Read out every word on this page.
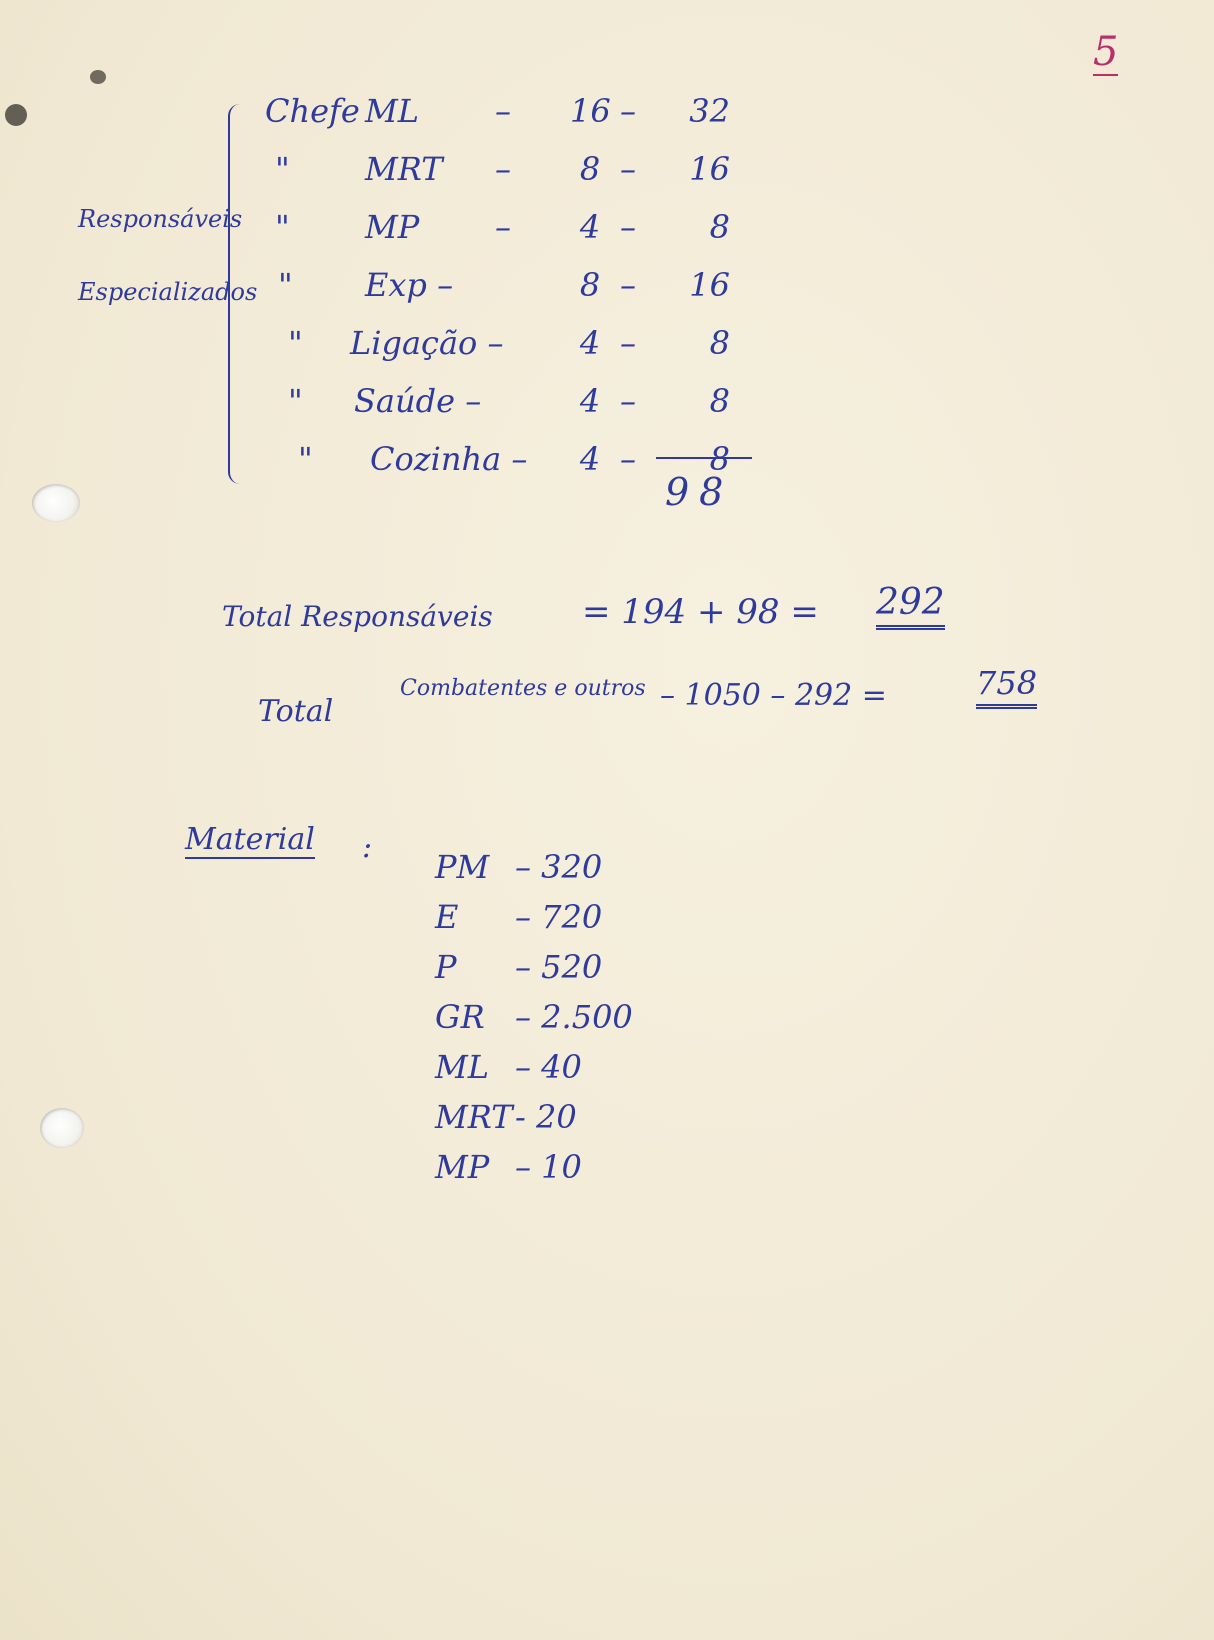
5
Responsáveis
Especializados
Chefe ML – 16 –	32
" MRT –	8 –	16
" MP –	4 –	8
" Exp –	8 –	16
" Ligação –	4 –	8
" Saúde –	4 –	8
" Cozinha –	4 –	8
98
Total Responsáveis	= 194 + 98 = 292
Total
Combatentes e outros – 1050 – 292 =	758
Material :
PM – 320
E – 720
P – 520
GR – 2.500
ML – 40
MRT - 20
MP – 10
